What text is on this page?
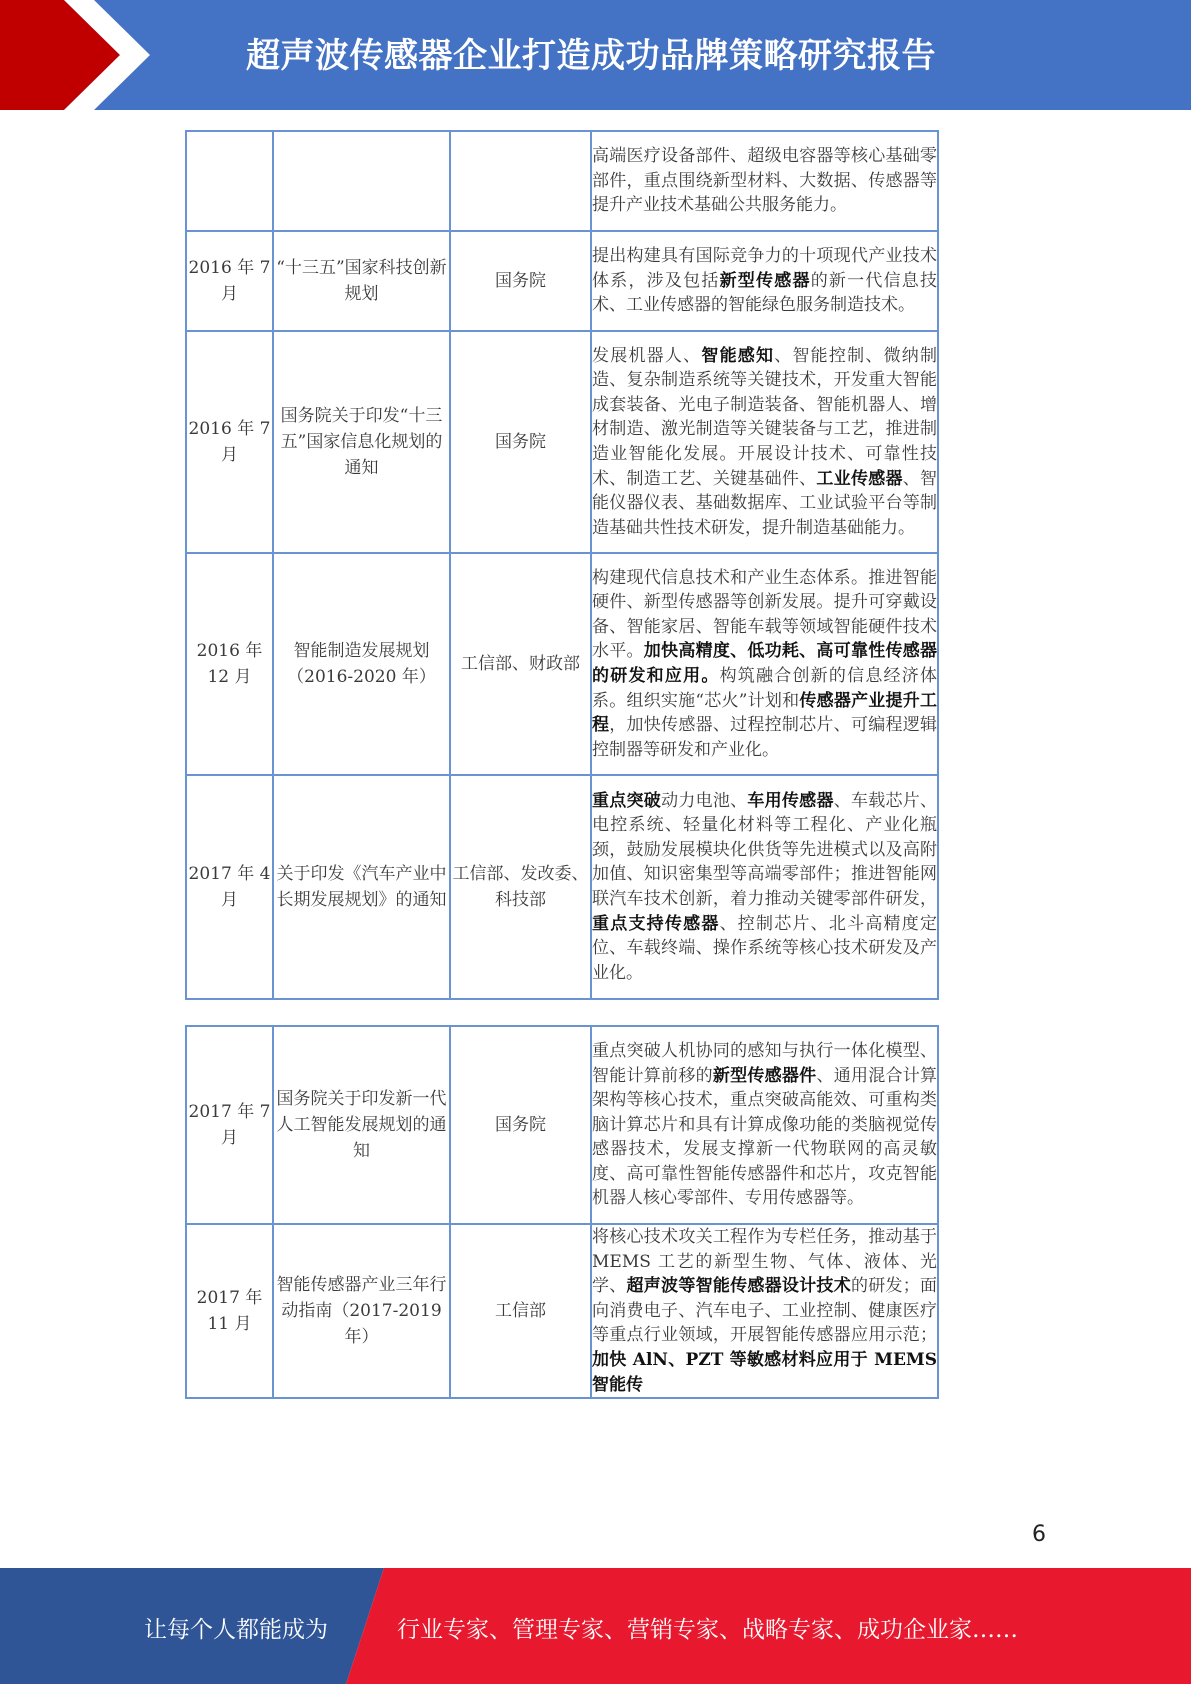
超声波传感器企业打造成功品牌策略研究报告
			高端医疗设备部件、超级电容器等核心基础零部件，重点围绕新型材料、大数据、传感器等提升产业技术基础公共服务能力。
2016 年 7 月	“十三五”国家科技创新规划	国务院	提出构建具有国际竞争力的十项现代产业技术体系，涉及包括新型传感器的新一代信息技术、工业传感器的智能绿色服务制造技术。
2016 年 7 月	国务院关于印发“十三五”国家信息化规划的通知	国务院	发展机器人、智能感知、智能控制、微纳制造、复杂制造系统等关键技术，开发重大智能成套装备、光电子制造装备、智能机器人、增材制造、激光制造等关键装备与工艺，推进制造业智能化发展。开展设计技术、可靠性技术、制造工艺、关键基础件、工业传感器、智能仪器仪表、基础数据库、工业试验平台等制造基础共性技术研发，提升制造基础能力。
2016 年 12 月	智能制造发展规划（2016-2020 年）	工信部、财政部	构建现代信息技术和产业生态体系。推进智能硬件、新型传感器等创新发展。提升可穿戴设备、智能家居、智能车载等领域智能硬件技术水平。加快高精度、低功耗、高可靠性传感器的研发和应用。构筑融合创新的信息经济体系。组织实施“芯火”计划和传感器产业提升工程，加快传感器、过程控制芯片、可编程逻辑控制器等研发和产业化。
2017 年 4 月	关于印发《汽车产业中长期发展规划》的通知	工信部、发改委、科技部	重点突破动力电池、车用传感器、车载芯片、电控系统、轻量化材料等工程化、产业化瓶颈，鼓励发展模块化供货等先进模式以及高附加值、知识密集型等高端零部件；推进智能网联汽车技术创新，着力推动关键零部件研发，重点支持传感器、控制芯片、北斗高精度定位、车载终端、操作系统等核心技术研发及产业化。
2017 年 7 月	国务院关于印发新一代人工智能发展规划的通知	国务院	重点突破人机协同的感知与执行一体化模型、智能计算前移的新型传感器件、通用混合计算架构等核心技术，重点突破高能效、可重构类脑计算芯片和具有计算成像功能的类脑视觉传感器技术，发展支撑新一代物联网的高灵敏度、高可靠性智能传感器件和芯片，攻克智能机器人核心零部件、专用传感器等。
2017 年 11 月	智能传感器产业三年行动指南（2017-2019 年）	工信部	将核心技术攻关工程作为专栏任务，推动基于 MEMS 工艺的新型生物、气体、液体、光学、超声波等智能传感器设计技术的研发；面向消费电子、汽车电子、工业控制、健康医疗等重点行业领域，开展智能传感器应用示范；加快 AlN、PZT 等敏感材料应用于 MEMS 智能传
6
让每个人都能成为	行业专家、管理专家、营销专家、战略专家、成功企业家……
